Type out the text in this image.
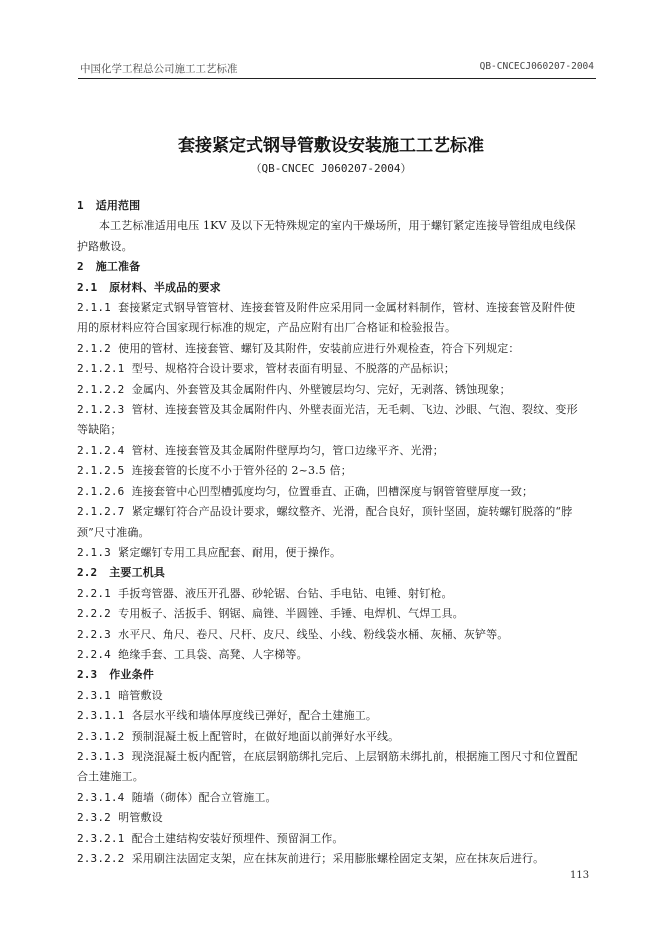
中国化学工程总公司施工工艺标准	QB-CNCECJ060207-2004
套接紧定式钢导管敷设安装施工工艺标准
（QB-CNCEC J060207-2004）
1 适用范围
本工艺标准适用电压 1KV 及以下无特殊规定的室内干燥场所，用于螺钉紧定连接导管组成电线保
护路敷设。
2 施工准备
2.1 原材料、半成品的要求
2.1.1 套接紧定式钢导管管材、连接套管及附件应采用同一金属材料制作，管材、连接套管及附件使
用的原材料应符合国家现行标准的规定，产品应附有出厂合格证和检验报告。
2.1.2 使用的管材、连接套管、螺钉及其附件，安装前应进行外观检查，符合下列规定：
2.1.2.1 型号、规格符合设计要求，管材表面有明显、不脱落的产品标识；
2.1.2.2 金属内、外套管及其金属附件内、外壁镀层均匀、完好，无剥落、锈蚀现象；
2.1.2.3 管材、连接套管及其金属附件内、外壁表面光洁，无毛刺、飞边、沙眼、气泡、裂纹、变形
等缺陷；
2.1.2.4 管材、连接套管及其金属附件壁厚均匀，管口边缘平齐、光滑；
2.1.2.5 连接套管的长度不小于管外径的 2~3.5 倍；
2.1.2.6 连接套管中心凹型槽弧度均匀，位置垂直、正确，凹槽深度与钢管管壁厚度一致；
2.1.2.7 紧定螺钉符合产品设计要求，螺纹整齐、光滑，配合良好，顶针坚固，旋转螺钉脱落的“脖
颈”尺寸准确。
2.1.3 紧定螺钉专用工具应配套、耐用，便于操作。
2.2 主要工机具
2.2.1 手扳弯管器、液压开孔器、砂轮锯、台钻、手电钻、电锤、射钉枪。
2.2.2 专用板子、活扳手、钢锯、扁锉、半圆锉、手锤、电焊机、气焊工具。
2.2.3 水平尺、角尺、卷尺、尺杆、皮尺、线坠、小线、粉线袋水桶、灰桶、灰铲等。
2.2.4 绝缘手套、工具袋、高凳、人字梯等。
2.3 作业条件
2.3.1 暗管敷设
2.3.1.1 各层水平线和墙体厚度线已弹好，配合土建施工。
2.3.1.2 预制混凝土板上配管时，在做好地面以前弹好水平线。
2.3.1.3 现浇混凝土板内配管，在底层钢筋绑扎完后、上层钢筋未绑扎前，根据施工图尺寸和位置配
合土建施工。
2.3.1.4 随墙（砌体）配合立管施工。
2.3.2 明管敷设
2.3.2.1 配合土建结构安装好预埋件、预留洞工作。
2.3.2.2 采用刷注法固定支架，应在抹灰前进行；采用膨胀螺栓固定支架，应在抹灰后进行。
113
